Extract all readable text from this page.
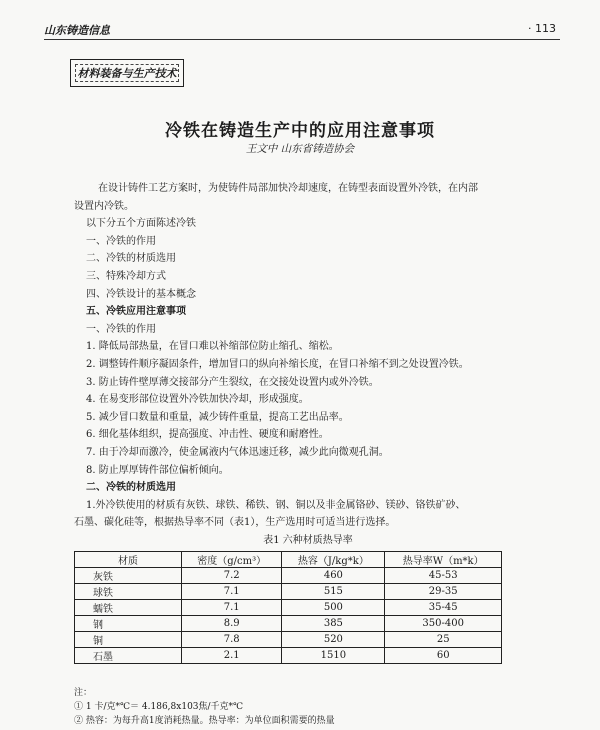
山东铸造信息	· 113
材料装备与生产技术
冷铁在铸造生产中的应用注意事项
王文中 山东省铸造协会
在设计铸件工艺方案时，为使铸件局部加快冷却速度，在铸型表面设置外冷铁，在内部
设置内冷铁。
以下分五个方面陈述冷铁
一、冷铁的作用
二、冷铁的材质选用
三、特殊冷却方式
四、冷铁设计的基本概念
五、冷铁应用注意事项
一、冷铁的作用
1. 降低局部热量，在冒口难以补缩部位防止缩孔、缩松。
2. 调整铸件顺序凝固条件，增加冒口的纵向补缩长度，在冒口补缩不到之处设置冷铁。
3. 防止铸件壁厚薄交接部分产生裂纹，在交接处设置内或外冷铁。
4. 在易变形部位设置外冷铁加快冷却，形成强度。
5. 减少冒口数量和重量，减少铸件重量，提高工艺出品率。
6. 细化基体组织，提高强度、冲击性、硬度和耐磨性。
7. 由于冷却而激冷，使金属液内气体迅速迁移，减少此向微观孔洞。
8. 防止厚厚铸件部位偏析倾向。
二、冷铁的材质选用
1.外冷铁使用的材质有灰铁、球铁、稀铁、钢、铜以及非金属铬砂、镁砂、铬铁矿砂、
石墨、碳化硅等，根据热导率不同（表1），生产选用时可适当进行选择。
表1 六种材质热导率
材质	密度（g/cm³）	热容（J/kg*k）	热导率W（m*k）
灰铁	7.2	460	45-53
球铁	7.1	515	29-35
蠕铁	7.1	500	35-45
钢	8.9	385	350-400
铜	7.8	520	25
石墨	2.1	1510	60
注：
① 1 卡/克*℃＝ 4.186,8x103焦/千克*℃
② 热容：为每升高1度消耗热量。热导率：为单位面积需要的热量
